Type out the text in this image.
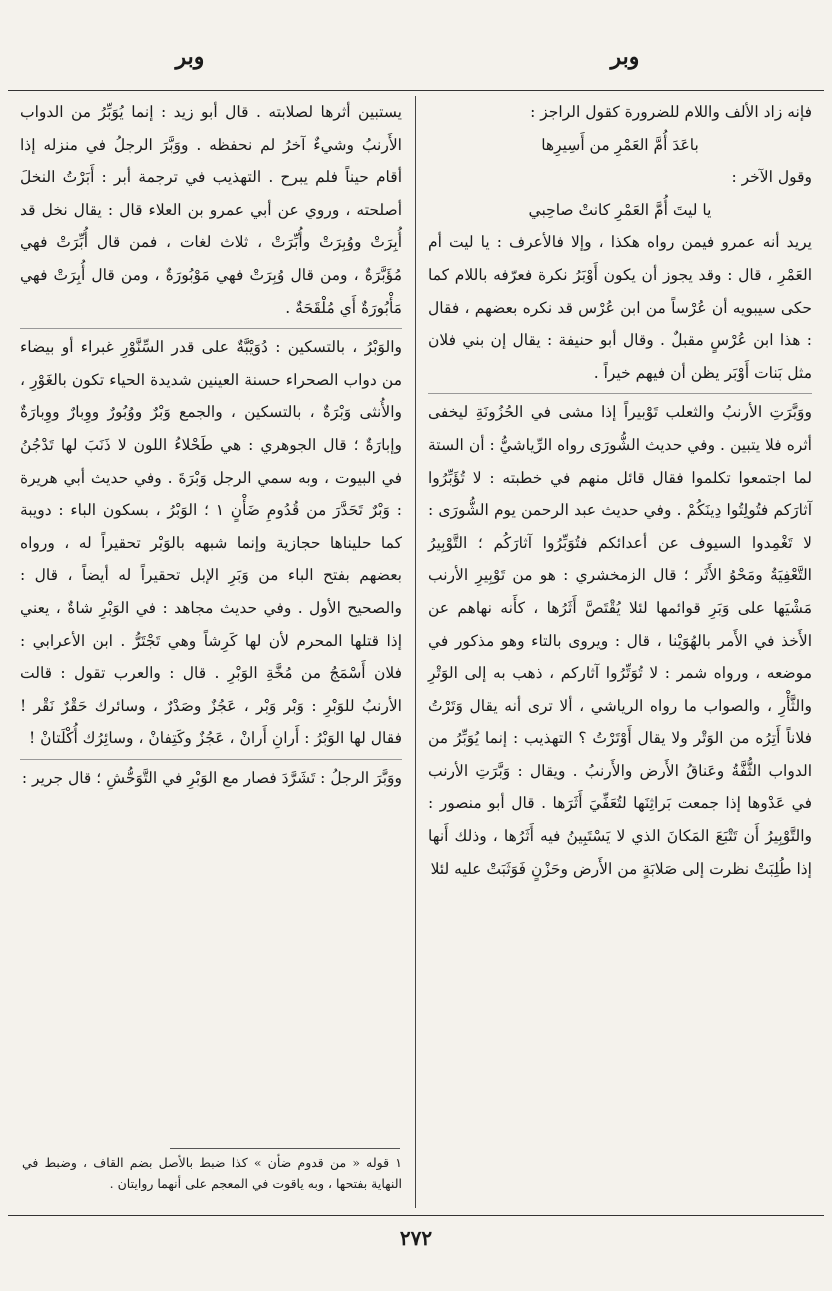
وبر
وبر

فإنه زاد الألف واللام للضرورة كقول الراجز :

باعَدَ أُمَّ العَمْرِ من أَسِيرِها

وقول الآخر :

يا ليتَ أُمَّ العَمْرِ كانتْ صاحِبي

يريد أنه عمرو فيمن رواه هكذا ، وإلا فالأعرف : يا ليت أم العَمْرِ ، قال : وقد يجوز أن يكون أَوْبَرُ نكرة فعرّفه باللام كما حكى سيبويه أن عُرْساً من ابن عُرْس قد نكره بعضهم ، فقال : هذا ابن عُرْسٍ مقبلٌ . وقال أبو حنيفة : يقال إن بني فلان مثل بَنات أَوْبَر يظن أن فيهم خيراً .

ووَبَّرَتِ الأرنبُ والثعلب تَوْبيراً إذا مشى في الحُزُونَةِ ليخفى أثره فلا يتبين . وفي حديث الشُّورَى رواه الرِّياشيُّ : أن الستة لما اجتمعوا تكلموا فقال قائل منهم في خطبته : لا تُؤَبِّرُوا آثارَكم فتُولِتُوا دِينَكُمْ . وفي حديث عبد الرحمن يوم الشُّورَى : لا تَغْمِدوا السيوف عن أعدائكم فتُوَبِّرُوا آثارَكُم ؛ التَّوْبِيرُ التَّعْفِيَةُ ومَحْوُ الأَثَر ؛ قال الزمخشري : هو من تَوْبِيرِ الأرنب مَشْيَها على وَبَرِ قوائمها لئلا يُقْتَصَّ أَثَرُها ، كأَنه نهاهم عن الأَخذ في الأَمر بالهُوَيْنا ، قال : ويروى بالتاء وهو مذكور في موضعه ، ورواه شمر : لا تُوَتِّرُوا آثاركم ، ذهب به إلى الوَتْرِ والثَّأْرِ ، والصواب ما رواه الرياشي ، ألا ترى أنه يقال وَتَرْتُ فلاناً أَتِرُه من الوَتْر ولا يقال أَوْتَرْتُ ؟ التهذيب : إنما يُوَبِّرُ من الدواب الثُّفَّةُ وعَناقُ الأَرض والأَرنبُ . ويقال : وَبَّرَتِ الأرنب في عَدْوها إذا جمعت بَراثِنَها لتُعَفِّيَ أَثَرَها . قال أبو منصور : والتَّوْبِيرُ أَن تَتْبَعَ المَكانَ الذي لا يَسْتَبِينُ فيه أَثَرُها ، وذلك أَنها إذا طُلِبَتْ نظرت إلى صَلابَةٍ من الأَرض وحَزْنٍ فَوَثَبَتْ عليه لئلا

يستبين أثرها لصلابته . قال أبو زيد : إنما يُوَبِّرُ من الدواب الأَرنبُ وشيءٌ آخرُ لم نحفظه . ووَبَّرَ الرجلُ في منزله إذا أقام حيناً فلم يبرح . التهذيب في ترجمة أبر : أَبَرْتُ النخلَ أصلحته ، وروي عن أبي عمرو بن العلاء قال : يقال نخل قد أُبِرَتْ ووُبِرَتْ وأُبِّرَتْ ، ثلاث لغات ، فمن قال أُبِّرَتْ فهي مُؤَبَّرَةٌ ، ومن قال وُبِرَتْ فهي مَوْبُورَةٌ ، ومن قال أُبِرَتْ فهي مَأْبُورَةٌ أَي مُلْقَحَةٌ .

والوَبْرُ ، بالتسكين : دُوَيْبَّةٌ على قدر السِّنَّوْرِ غبراء أو بيضاء من دواب الصحراء حسنة العينين شديدة الحياء تكون بالغَوْرِ ، والأُنثى وَبْرَةٌ ، بالتسكين ، والجمع وَبْرٌ ووُبُورٌ ووِبارٌ ووِبارَةٌ وإبارَةٌ ؛ قال الجوهري : هي طَحْلاءُ اللون لا ذَنَبَ لها تَدْجُنُ في البيوت ، وبه سمي الرجل وَبْرَةَ . وفي حديث أبي هريرة : وَبْرٌ تَحَدَّرَ من قُدُومِ ضَأْنٍ ١ ؛ الوَبْرُ ، بسكون الباء : دويبة كما حليناها حجازية وإنما شبهه بالوَبْر تحقيراً له ، ورواه بعضهم بفتح الباء من وَبَرِ الإبل تحقيراً له أيضاً ، قال : والصحيح الأول . وفي حديث مجاهد : في الوَبْرِ شاةٌ ، يعني إذا قتلها المحرم لأن لها كَرِشاً وهي تَجْتَرُّ . ابن الأعرابي : فلان أَسْمَجُ من مُخَّةِ الوَبْرِ . قال : والعرب تقول : قالت الأرنبُ للوَبْرِ : وَبْر وَبْر ، عَجُزٌ وصَدْرٌ ، وسائرك حَقْرٌ نَقْر ! فقال لها الوَبْرُ : أَرانِ أَرانْ ، عَجُزٌ وكَتِفانْ ، وسائِرُك أُكْلَتانْ !

ووَبَّرَ الرجلُ : تَشَرَّدَ فصار مع الوَبْرِ في التَّوَحُّشِ ؛ قال جرير :

١ قوله « من قدوم ضأن » كذا ضبط بالأصل بضم القاف ، وضبط في النهاية بفتحها ، وبه ياقوت في المعجم على أنهما روايتان .
٢٧٢
